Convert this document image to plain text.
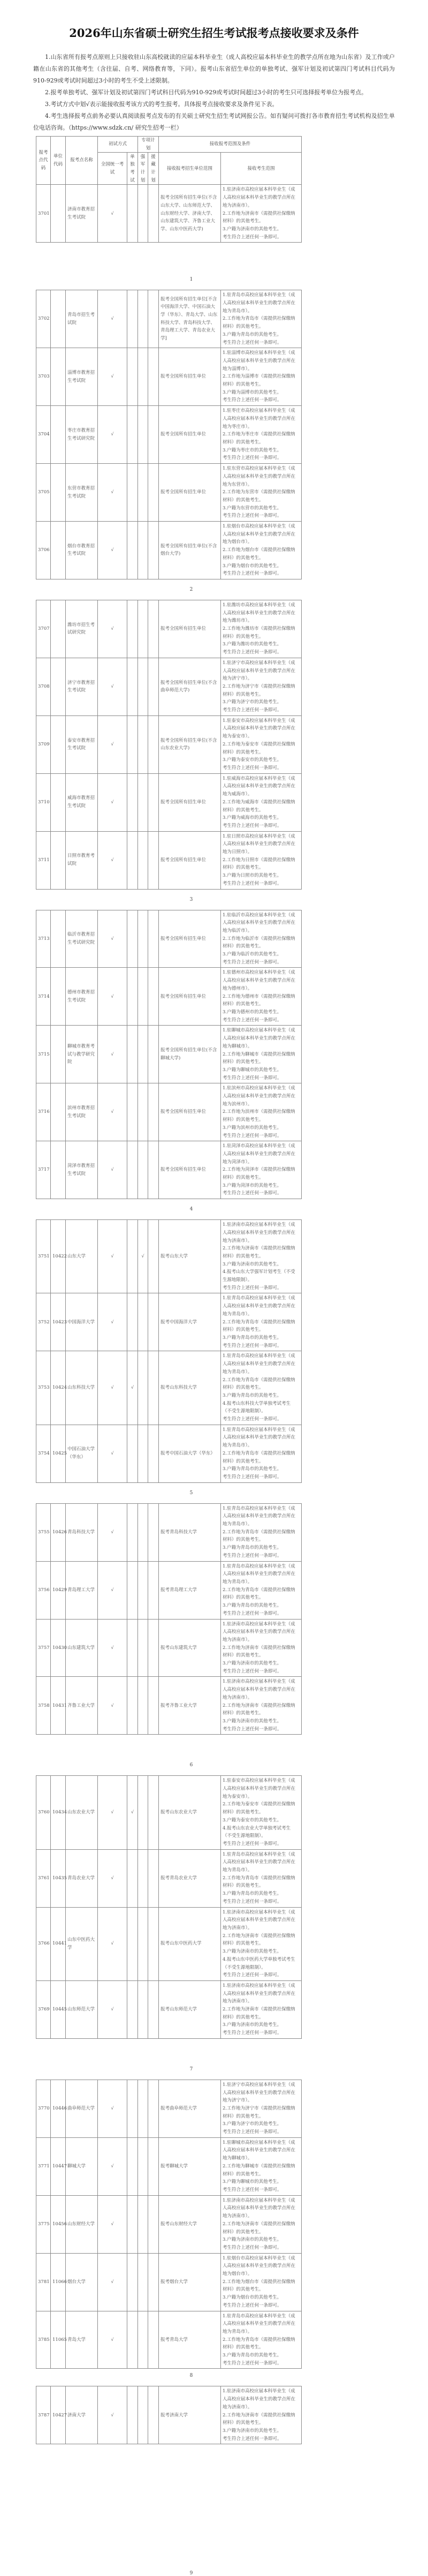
2026年山东省硕士研究生招生考试报考点接收要求及条件

1.山东省所有报考点原则上只接收驻山东高校就读的应届本科毕业生（成人高校应届本科毕业生的教学点所在地为山东省）及工作或户籍在山东省的其他考生（含往届、自考、网络教育等，下同）。报考山东省招生单位的单独考试、强军计划及初试第四门考试科目代码为910-929或考试时间超过3小时的考生不受上述限制。

2.报考单独考试、强军计划及初试第四门考试科目代码为910-929或考试时间超过3小时的考生只可选择报考单位为报考点。

3.考试方式中划√表示能接收报考该方式的考生报考。具体报考点接收要求及条件见下表。

4.考生选择报考点前务必要认真阅读报考点发布的有关硕士研究生招生考试网报公告。如有疑问可拨打各市教育招生考试机构及招生单位电话咨询。（https://www.sdzk.cn/ 研究生招考一栏）

报考点代码	单位代码	报考点名称	初试方式		专项计划		接收报考范围及条件	
			全国统一考试	单独考试	强军计划	援藏计划	接收报考招生单位范围	接收考生范围
3701		济南市教育招生考试院	√				报考全国所有招生单位(不含山东大学、山东师范大学、山东财经大学、济南大学、山东建筑大学、齐鲁工业大学、山东中医药大学)	1.驻济南市高校应届本科毕业生（成人高校应届本科毕业生的教学点所在地为济南市）。
2.工作地为济南市（需提供社保缴纳材料）的其他考生。
3.户籍为济南市的其他考生。
考生符合上述任何一条即可。
1
3702		青岛市招生考试院	√				报考全国所有招生单位[不含中国海洋大学、中国石油大学（华东）、青岛大学、山东科技大学、青岛科技大学、青岛理工大学、青岛农业大学]	1.驻青岛市高校应届本科毕业生（成人高校应届本科毕业生的教学点所在地为青岛市）。
2.工作地为青岛市（需提供社保缴纳材料）的其他考生。
3.户籍为青岛市的其他考生。
考生符合上述任何一条即可。

3703		淄博市教育招生考试院	√				报考全国所有招生单位	1.驻淄博市高校应届本科毕业生（成人高校应届本科毕业生的教学点所在地为淄博市）。
2.工作地为淄博市（需提供社保缴纳材料）的其他考生。
3.户籍为淄博市的其他考生。
考生符合上述任何一条即可。

3704		枣庄市教育招生考试研究院	√				报考全国所有招生单位	1.驻枣庄市高校应届本科毕业生（成人高校应届本科毕业生的教学点所在地为枣庄市）。
2.工作地为枣庄市（需提供社保缴纳材料）的其他考生。
3.户籍为枣庄市的其他考生。
考生符合上述任何一条即可。

3705		东营市教育招生考试院	√				报考全国所有招生单位	1.驻东营市高校应届本科毕业生（成人高校应届本科毕业生的教学点所在地为东营市）。
2.工作地为东营市（需提供社保缴纳材料）的其他考生。
3.户籍为东营市的其他考生。
考生符合上述任何一条即可。

3706		烟台市教育招生考试院	√				报考全国所有招生单位(不含烟台大学)	1.驻烟台市高校应届本科毕业生（成人高校应届本科毕业生的教学点所在地为烟台市）。
2.工作地为烟台市（需提供社保缴纳材料）的其他考生。
3.户籍为烟台市的其他考生。
考生符合上述任何一条即可。
2
3707		潍坊市招生考试研究院	√				报考全国所有招生单位	1.驻潍坊市高校应届本科毕业生（成人高校应届本科毕业生的教学点所在地为潍坊市）。
2.工作地为潍坊市（需提供社保缴纳材料）的其他考生。
3.户籍为潍坊市的其他考生。
考生符合上述任何一条即可。

3708		济宁市教育招生考试院	√				报考全国所有招生单位(不含曲阜师范大学)	1.驻济宁市高校应届本科毕业生（成人高校应届本科毕业生的教学点所在地为济宁市）。
2.工作地为济宁市（需提供社保缴纳材料）的其他考生。
3.户籍为济宁市的其他考生。
考生符合上述任何一条即可。

3709		泰安市教育招生考试院	√				报考全国所有招生单位(不含山东农业大学)	1.驻泰安市高校应届本科毕业生（成人高校应届本科毕业生的教学点所在地为泰安市）。
2.工作地为泰安市（需提供社保缴纳材料）的其他考生。
3.户籍为泰安市的其他考生。
考生符合上述任何一条即可。

3710		威海市教育招生考试院	√				报考全国所有招生单位	1.驻威海市高校应届本科毕业生（成人高校应届本科毕业生的教学点所在地为威海市）。
2.工作地为威海市（需提供社保缴纳材料）的其他考生。
3.户籍为威海市的其他考生。
考生符合上述任何一条即可。

3711		日照市教育考试院	√				报考全国所有招生单位	1.驻日照市高校应届本科毕业生（成人高校应届本科毕业生的教学点所在地为日照市）。
2.工作地为日照市（需提供社保缴纳材料）的其他考生。
3.户籍为日照市的其他考生。
考生符合上述任何一条即可。
3
3713		临沂市教育招生考试研究院	√				报考全国所有招生单位	1.驻临沂市高校应届本科毕业生（成人高校应届本科毕业生的教学点所在地为临沂市）。
2.工作地为临沂市（需提供社保缴纳材料）的其他考生。
3.户籍为临沂市的其他考生。
考生符合上述任何一条即可。

3714		德州市教育招生考试院	√				报考全国所有招生单位	1.驻德州市高校应届本科毕业生（成人高校应届本科毕业生的教学点所在地为德州市）。
2.工作地为德州市（需提供社保缴纳材料）的其他考生。
3.户籍为德州市的其他考生。
考生符合上述任何一条即可。

3715		聊城市教育考试与教学研究院	√				报考全国所有招生单位(不含聊城大学)	1.驻聊城市高校应届本科毕业生（成人高校应届本科毕业生的教学点所在地为聊城市）。
2.工作地为聊城市（需提供社保缴纳材料）的其他考生。
3.户籍为聊城市的其他考生。
考生符合上述任何一条即可。

3716		滨州市教育招生考试院	√				报考全国所有招生单位	1.驻滨州市高校应届本科毕业生（成人高校应届本科毕业生的教学点所在地为滨州市）。
2.工作地为滨州市（需提供社保缴纳材料）的其他考生。
3.户籍为滨州市的其他考生。
考生符合上述任何一条即可。

3717		菏泽市教育招生考试院	√				报考全国所有招生单位	1.驻菏泽市高校应届本科毕业生（成人高校应届本科毕业生的教学点所在地为菏泽市）。
2.工作地为菏泽市（需提供社保缴纳材料）的其他考生。
3.户籍为菏泽市的其他考生。
考生符合上述任何一条即可。
4
3751	10422	山东大学	√		√		报考山东大学	1.驻济南市高校应届本科毕业生（成人高校应届本科毕业生的教学点所在地为济南市）。
2.工作地为济南市（需提供社保缴纳材料）的其他考生。
3.户籍为济南市的其他考生。
4.报考山东大学强军计划考生（不受生源地限制）。
考生符合上述任何一条即可。

3752	10423	中国海洋大学	√				报考中国海洋大学	1.驻青岛市高校应届本科毕业生（成人高校应届本科毕业生的教学点所在地为青岛市）。
2.工作地为青岛市（需提供社保缴纳材料）的其他考生。
3.户籍为青岛市的其他考生。
考生符合上述任何一条即可。

3753	10424	山东科技大学	√	√			报考山东科技大学	1.驻青岛市高校应届本科毕业生（成人高校应届本科毕业生的教学点所在地为青岛市）。
2.工作地为青岛市（需提供社保缴纳材料）的其他考生。
3.户籍为青岛市的其他考生。
4.报考山东科技大学单独考试考生（不受生源地限制）。
考生符合上述任何一条即可。

3754	10425	中国石油大学（华东）	√				报考中国石油大学（华东）	1.驻青岛市高校应届本科毕业生（成人高校应届本科毕业生的教学点所在地为青岛市）。
2.工作地为青岛市（需提供社保缴纳材料）的其他考生。
3.户籍为青岛市的其他考生。
考生符合上述任何一条即可。
5
3755	10426	青岛科技大学	√				报考青岛科技大学	1.驻青岛市高校应届本科毕业生（成人高校应届本科毕业生的教学点所在地为青岛市）。
2.工作地为青岛市（需提供社保缴纳材料）的其他考生。
3.户籍为青岛市的其他考生。
考生符合上述任何一条即可。

3756	10429	青岛理工大学	√				报考青岛理工大学	1.驻青岛市高校应届本科毕业生（成人高校应届本科毕业生的教学点所在地为青岛市）。
2.工作地为青岛市（需提供社保缴纳材料）的其他考生。
3.户籍为青岛市的其他考生。
考生符合上述任何一条即可。

3757	10430	山东建筑大学	√				报考山东建筑大学	1.驻济南市高校应届本科毕业生（成人高校应届本科毕业生的教学点所在地为济南市）。
2.工作地为济南市（需提供社保缴纳材料）的其他考生。
3.户籍为济南市的其他考生。
考生符合上述任何一条即可。

3758	10431	齐鲁工业大学	√				报考齐鲁工业大学	1.驻济南市高校应届本科毕业生（成人高校应届本科毕业生的教学点所在地为济南市）。
2.工作地为济南市（需提供社保缴纳材料）的其他考生。
3.户籍为济南市的其他考生。
考生符合上述任何一条即可。
6
3760	10434	山东农业大学	√	√			报考山东农业大学	1.驻泰安市高校应届本科毕业生（成人高校应届本科毕业生的教学点所在地为泰安市）。
2.工作地为泰安市（需提供社保缴纳材料）的其他考生。
3.户籍为泰安市的其他考生。
4.报考山东农业大学单独考试考生（不受生源地限制）。
考生符合上述任何一条即可。

3761	10435	青岛农业大学	√				报考青岛农业大学	1.驻青岛市高校应届本科毕业生（成人高校应届本科毕业生的教学点所在地为青岛市）。
2.工作地为青岛市（需提供社保缴纳材料）的其他考生。
3.户籍为青岛市的其他考生。
考生符合上述任何一条即可。

3766	10441	山东中医药大学	√				报考山东中医药大学	1.驻济南市高校应届本科毕业生（成人高校应届本科毕业生的教学点所在地为济南市）。
2.工作地为济南市（需提供社保缴纳材料）的其他考生。
3.户籍为济南市的其他考生。
4.报考山东中医药大学单独考试考生（不受生源地限制）。
考生符合上述任何一条即可。

3769	10445	山东师范大学	√				报考山东师范大学	1.驻济南市高校应届本科毕业生（成人高校应届本科毕业生的教学点所在地为济南市）。
2.工作地为济南市（需提供社保缴纳材料）的其他考生。
3.户籍为济南市的其他考生。
考生符合上述任何一条即可。
7
3770	10446	曲阜师范大学	√				报考曲阜师范大学	1.驻济宁市高校应届本科毕业生（成人高校应届本科毕业生的教学点所在地为济宁市）。
2.工作地为济宁市（需提供社保缴纳材料）的其他考生。
3.户籍为济宁市的其他考生。
考生符合上述任何一条即可。

3771	10447	聊城大学	√				报考聊城大学	1.驻聊城市高校应届本科毕业生（成人高校应届本科毕业生的教学点所在地为聊城市）。
2.工作地为聊城市（需提供社保缴纳材料）的其他考生。
3.户籍为聊城市的其他考生。
考生符合上述任何一条即可。

3775	10456	山东财经大学	√				报考山东财经大学	1.驻济南市高校应届本科毕业生（成人高校应届本科毕业生的教学点所在地为济南市）。
2.工作地为济南市（需提供社保缴纳材料）的其他考生。
3.户籍为济南市的其他考生。
考生符合上述任何一条即可。

3781	11066	烟台大学	√				报考烟台大学	1.驻烟台市高校应届本科毕业生（成人高校应届本科毕业生的教学点所在地为烟台市）。
2.工作地为烟台市（需提供社保缴纳材料）的其他考生。
3.户籍为烟台市的其他考生。
考生符合上述任何一条即可。

3785	11065	青岛大学	√				报考青岛大学	1.驻青岛市高校应届本科毕业生（成人高校应届本科毕业生的教学点所在地为青岛市）。
2.工作地为青岛市（需提供社保缴纳材料）的其他考生。
3.户籍为青岛市的其他考生。
考生符合上述任何一条即可。
8
3787	10427	济南大学	√				报考济南大学	
1.驻济南市高校应届本科毕业生（成人高校应届本科毕业生的教学点所在地为济南市）。
2.工作地为济南市（需提供社保缴纳材料）的其他考生。
3.户籍为济南市的其他考生。
考生符合上述任何一条即可。
9
